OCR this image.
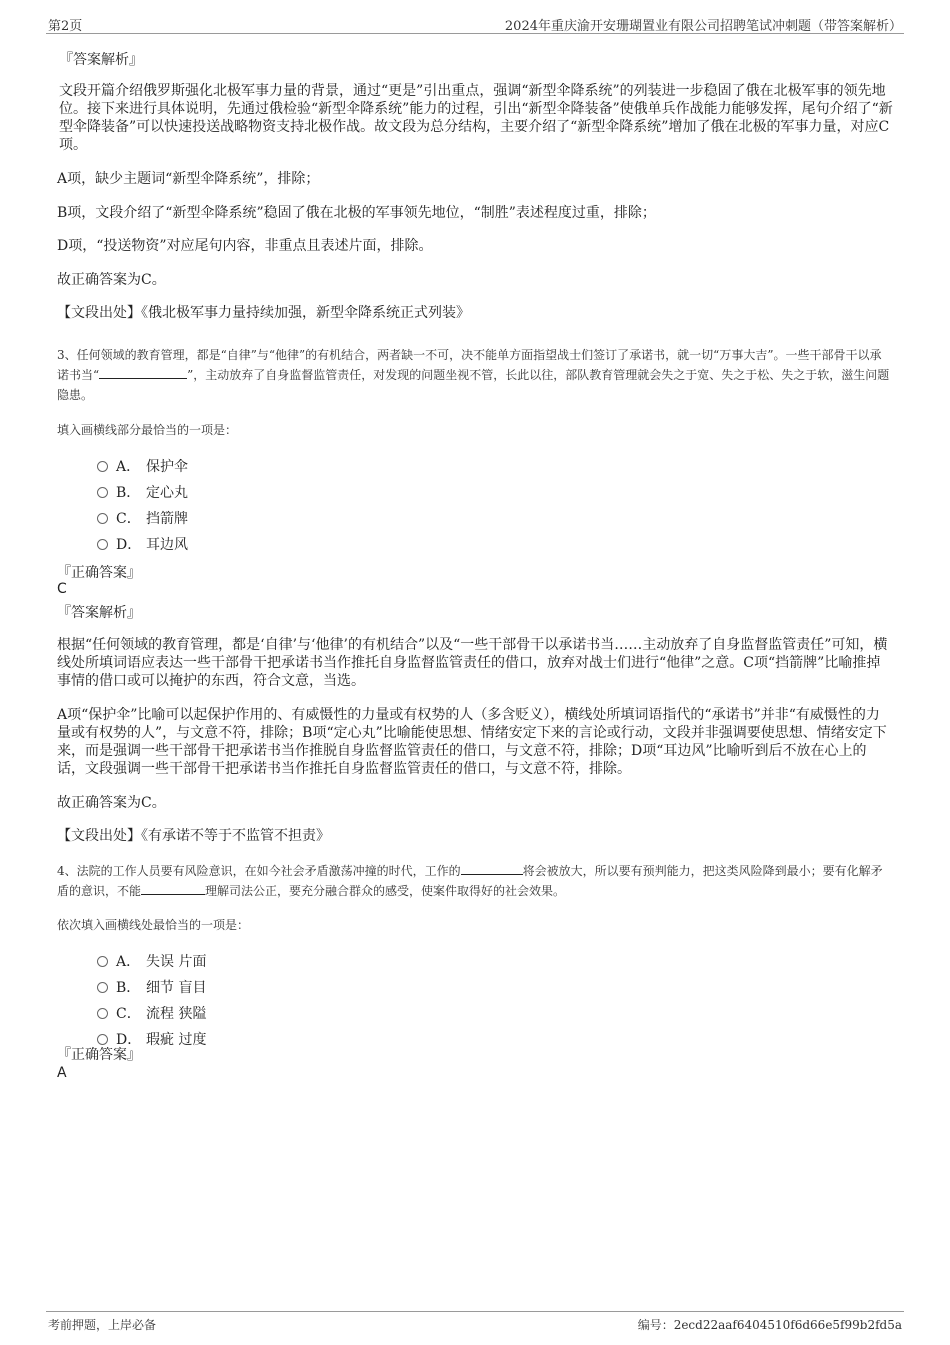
第2页	2024年重庆渝开安珊瑚置业有限公司招聘笔试冲刺题（带答案解析）
『答案解析』
文段开篇介绍俄罗斯强化北极军事力量的背景，通过“更是”引出重点，强调“新型伞降系统”的列装进一步稳固了俄在北极军事的领先地位。接下来进行具体说明，先通过俄检验“新型伞降系统”能力的过程，引出“新型伞降装备”使俄单兵作战能力能够发挥，尾句介绍了“新型伞降装备”可以快速投送战略物资支持北极作战。故文段为总分结构，主要介绍了“新型伞降系统”增加了俄在北极的军事力量，对应C项。
A项，缺少主题词“新型伞降系统”，排除；
B项，文段介绍了“新型伞降系统”稳固了俄在北极的军事领先地位，“制胜”表述程度过重，排除；
D项，“投送物资”对应尾句内容，非重点且表述片面，排除。
故正确答案为C。
【文段出处】《俄北极军事力量持续加强，新型伞降系统正式列装》
3、任何领域的教育管理，都是“自律”与“他律”的有机结合，两者缺一不可，决不能单方面指望战士们签订了承诺书，就一切“万事大吉”。一些干部骨干以承诺书当“	”，主动放弃了自身监督监管责任，对发现的问题坐视不管，长此以往，部队教育管理就会失之于宽、失之于松、失之于软，滋生问题隐患。
填入画横线部分最恰当的一项是：
A． 保护伞
B． 定心丸
C． 挡箭牌
D． 耳边风
『正确答案』
C
『答案解析』
根据“任何领域的教育管理，都是‘自律’与‘他律’的有机结合”以及“一些干部骨干以承诺书当……主动放弃了自身监督监管责任”可知，横线处所填词语应表达一些干部骨干把承诺书当作推托自身监督监管责任的借口，放弃对战士们进行“他律”之意。C项“挡箭牌”比喻推掉事情的借口或可以掩护的东西，符合文意，当选。
A项“保护伞”比喻可以起保护作用的、有威慑性的力量或有权势的人（多含贬义），横线处所填词语指代的“承诺书”并非“有威慑性的力量或有权势的人”，与文意不符，排除；B项“定心丸”比喻能使思想、情绪安定下来的言论或行动，文段并非强调要使思想、情绪安定下来，而是强调一些干部骨干把承诺书当作推脱自身监督监管责任的借口，与文意不符，排除；D项“耳边风”比喻听到后不放在心上的话，文段强调一些干部骨干把承诺书当作推托自身监督监管责任的借口，与文意不符，排除。
故正确答案为C。
【文段出处】《有承诺不等于不监管不担责》
4、法院的工作人员要有风险意识，在如今社会矛盾激荡冲撞的时代，工作的	将会被放大，所以要有预判能力，把这类风险降到最小；要有化解矛盾的意识，不能	理解司法公正，要充分融合群众的感受，使案件取得好的社会效果。
依次填入画横线处最恰当的一项是：
A． 失误 片面
B． 细节 盲目
C． 流程 狭隘
D． 瑕疵 过度
『正确答案』
A
考前押题，上岸必备	编号：2ecd22aaf6404510f6d66e5f99b2fd5a
